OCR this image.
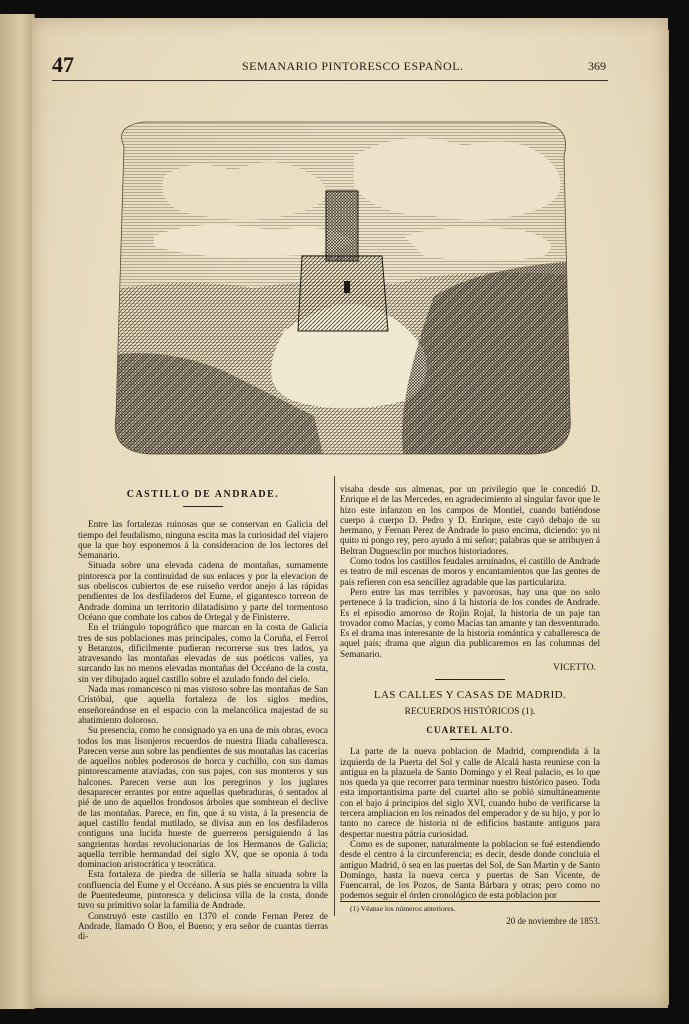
47	SEMANARIO PINTORESCO ESPAÑOL.	369
CASTILLO DE ANDRADE.

Entre las fortalezas ruinosas que se conservan en Galicia del tiempo del feudalismo, ninguna escita mas la curiosidad del viajero que la que hoy esponemos á la consideracion de los lectores del Semanario.

Situada sobre una elevada cadena de montañas, sumamente pintoresca por la continuidad de sus enlaces y por la elevacion de sus obeliscos cubiertos de ese ruiseño verdor anejo á las rápidas pendientes de los desfiladeros del Eume, el gigantesco torreon de Andrade domina un territorio dilatadísimo y parte del tormentoso Océano que combate los cabos de Ortegal y de Finisterre.

En el triángulo topográfico que marcan en la costa de Galicia tres de sus poblaciones mas principales, como la Coruña, el Ferrol y Betanzos, difícilmente pudieran recorrerse sus tres lados, ya atravesando las montañas elevadas de sus poéticos valles, ya surcando las no menos elevadas montañas del Occéano de la costa, sin ver dibujado aquel castillo sobre el azulado fondo del cielo.

Nada mas romancesco ni mas vistoso sobre las montañas de San Cristóbal, que aquella fortaleza de los siglos medios, enseñoreándose en el espacio con la melancólica majestad de su abatimiento doloroso.

Su presencia, como he consignado ya en una de mis obras, evoca todos los mas lisonjeros recuerdos de nuestra Iliada caballeresca. Parecen verse aun sobre las pendientes de sus montañas las cacerías de aquellos nobles poderosos de horca y cuchillo, con sus damas pintorescamente ataviadas, con sus pajes, con sus monteros y sus halcones. Parecen verse aun los peregrinos y los juglares desaparecer errantes por entre aquellas quebraduras, ó sentados al pié de uno de aquellos frondosos árboles que sombrean el declive de las montañas. Parece, en fin, que á su vista, á la presencia de aquel castillo feudal mutilado, se divisa aun en los desfiladeros contiguos una lucida hueste de guerreros persiguiendo á las sangrientas hordas revolucionarias de los Hermanos de Galicia; aquella terrible hermandad del siglo XV, que se oponia á toda dominacion aristocrática y teocrática.

Esta fortaleza de piedra de sillería se halla situada sobre la confluencia del Eume y el Occéano. A sus piés se encuentra la villa de Puentedeume, pintoresca y deliciosa villa de la costa, donde tuvo su primitivo solar la familia de Andrade.

Construyó este castillo en 1370 el conde Fernan Perez de Andrade, llamado O Boo, el Bueno; y era señor de cuantas tierras di-

visaba desde sus almenas, por un privilegio que le concedió D. Enrique el de las Mercedes, en agradecimiento al singular favor que le hizo este infanzon en los campos de Montiel, cuando batiéndose cuerpo á cuerpo D. Pedro y D. Enrique, este cayó debajo de su hermano, y Fernan Perez de Andrade lo puso encima, diciendo: yo ni quito ni pongo rey, pero ayudo á mi señor; palabras que se atribuyen á Beltran Duguesclin por muchos historiadores.

Como todos los castillos feudales arruinados, el castillo de Andrade es teatro de mil escenas de moros y encantamientos que las gentes de país refieren con esa sencillez agradable que las particulariza.

Pero entre las mas terribles y pavorosas, hay una que no solo pertenece á la tradicion, sino á la historia de los condes de Andrade. Es el episodio amoroso de Rojin Rojal, la historia de un paje tan trovador como Macías, y como Macías tan amante y tan desventurado. Es el drama mas interesante de la historia romántica y caballeresca de aquel país; drama que algun dia publicaremos en las columnas del Semanario.

VICETTO.
LAS CALLES Y CASAS DE MADRID.
RECUERDOS HISTÓRICOS (1).
CUARTEL ALTO.

La parte de la nueva poblacion de Madrid, comprendida á la izquierda de la Puerta del Sol y calle de Alcalá hasta reunirse con la antigua en la plazuela de Santo Domingo y el Real palacio, es lo que nos queda ya que recorrer para terminar nuestro histórico paseo. Toda esta importantísima parte del cuartel alto se pobló simultáneamente con el bajo á principios del siglo XVI, cuando hubo de verificarse la tercera ampliacion en los reinados del emperador y de su hijo, y por lo tanto no carece de historia ni de edificios bastante antiguos para despertar nuestra pátria curiosidad.

Como es de suponer, naturalmente la poblacion se fué estendiendo desde el centro á la circunferencia; es decir, desde donde concluia el antiguo Madrid, ó sea en las puertas del Sol, de San Martin y de Santo Domingo, hasta la nueva cerca y puertas de San Vicente, de Fuencarral, de los Pozos, de Santa Bárbara y otras; pero como no podemos seguir el órden cronológico de esta poblacion por

(1) Véanse los números anteriores.

20 de noviembre de 1853.
